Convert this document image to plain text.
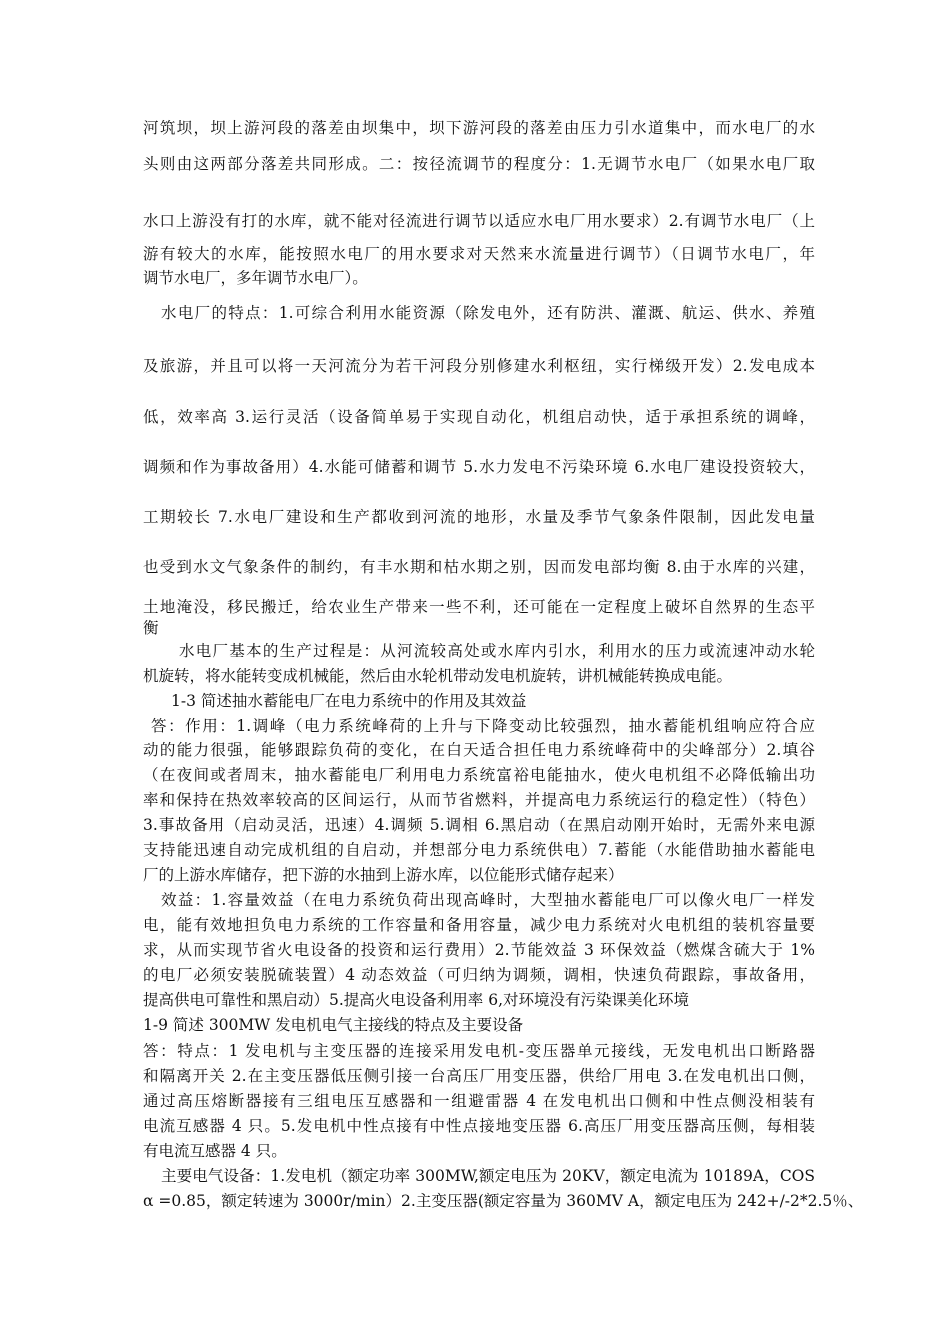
河筑坝，坝上游河段的落差由坝集中，坝下游河段的落差由压力引水道集中，而水电厂的水
头则由这两部分落差共同形成。二：按径流调节的程度分：1.无调节水电厂（如果水电厂取
水口上游没有打的水库，就不能对径流进行调节以适应水电厂用水要求）2.有调节水电厂（上
游有较大的水库，能按照水电厂的用水要求对天然来水流量进行调节）（日调节水电厂，年
调节水电厂，多年调节水电厂）。
水电厂的特点：1.可综合利用水能资源（除发电外，还有防洪、灌溉、航运、供水、养殖
及旅游，并且可以将一天河流分为若干河段分别修建水利枢纽，实行梯级开发）2.发电成本
低，效率高 3.运行灵活（设备简单易于实现自动化，机组启动快，适于承担系统的调峰，
调频和作为事故备用）4.水能可储蓄和调节 5.水力发电不污染环境 6.水电厂建设投资较大，
工期较长 7.水电厂建设和生产都收到河流的地形，水量及季节气象条件限制，因此发电量
也受到水文气象条件的制约，有丰水期和枯水期之别，因而发电部均衡 8.由于水库的兴建，
土地淹没，移民搬迁，给农业生产带来一些不利，还可能在一定程度上破坏自然界的生态平
衡
水电厂基本的生产过程是：从河流较高处或水库内引水，利用水的压力或流速冲动水轮
机旋转，将水能转变成机械能，然后由水轮机带动发电机旋转，讲机械能转换成电能。
1-3 简述抽水蓄能电厂在电力系统中的作用及其效益
答：作用：1.调峰（电力系统峰荷的上升与下降变动比较强烈，抽水蓄能机组响应符合应
动的能力很强，能够跟踪负荷的变化，在白天适合担任电力系统峰荷中的尖峰部分）2.填谷
（在夜间或者周末，抽水蓄能电厂利用电力系统富裕电能抽水，使火电机组不必降低输出功
率和保持在热效率较高的区间运行，从而节省燃料，并提高电力系统运行的稳定性）（特色）
3.事故备用（启动灵活，迅速）4.调频 5.调相 6.黑启动（在黑启动刚开始时，无需外来电源
支持能迅速自动完成机组的自启动，并想部分电力系统供电）7.蓄能（水能借助抽水蓄能电
厂的上游水库储存，把下游的水抽到上游水库，以位能形式储存起来）
效益：1.容量效益（在电力系统负荷出现高峰时，大型抽水蓄能电厂可以像火电厂一样发
电，能有效地担负电力系统的工作容量和备用容量，减少电力系统对火电机组的装机容量要
求，从而实现节省火电设备的投资和运行费用）2.节能效益 3 环保效益（燃煤含硫大于 1%
的电厂必须安装脱硫装置）4 动态效益（可归纳为调频，调相，快速负荷跟踪，事故备用，
提高供电可靠性和黑启动）5.提高火电设备利用率 6,对环境没有污染课美化环境
1-9 简述 300MW 发电机电气主接线的特点及主要设备
答：特点：1 发电机与主变压器的连接采用发电机-变压器单元接线，无发电机出口断路器
和隔离开关 2.在主变压器低压侧引接一台高压厂用变压器，供给厂用电 3.在发电机出口侧，
通过高压熔断器接有三组电压互感器和一组避雷器 4 在发电机出口侧和中性点侧没相装有
电流互感器 4 只。5.发电机中性点接有中性点接地变压器 6.高压厂用变压器高压侧，每相装
有电流互感器 4 只。
主要电气设备：1.发电机（额定功率 300MW,额定电压为 20KV，额定电流为 10189A，COS
α =0.85，额定转速为 3000r/min）2.主变压器(额定容量为 360MV A，额定电压为 242+/-2*2.5％、
